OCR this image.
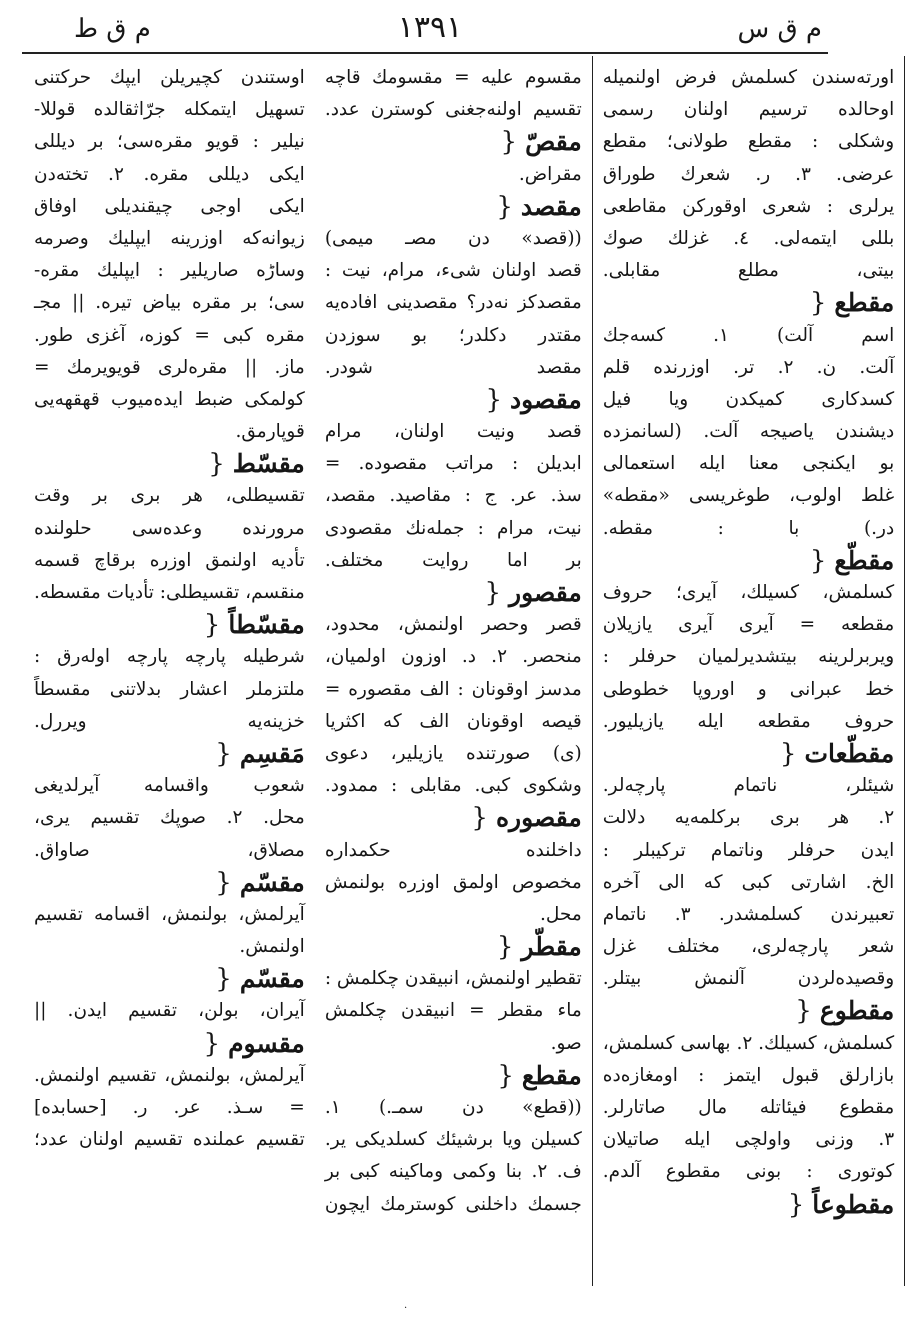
م ق س
١٣٩١
م ق ط
اوستندن كچيريلن ايپك حركتنی
تسهيل ايتمكله جرّاثقالده قوللا-
نيلير : قويو مقره‌سی؛ بر ديللی
ايكی ديللی مقره. ٢. تخته‌دن
ايكی اوجی چيقنديلی اوفاق
زيوانه‌كه اوزرينه ايپليك وصرمه
وساڑه صاريلير : ايپليك مقره-
سی؛ بر مقره بياض تيره. || مجـ
مقره كبی = كوزه، آغزی طور.
ماز. || مقره‌لری قويويرمك =
كولمكی ضبط ايده‌ميوب قهقهه‌يی
قوپارمق.
مقسّط{
تقسيطلی، هر بری بر وقت
مرورنده وعده‌سی حلولنده
تأديه اولنمق اوزره برقاچ قسمه
منقسم، تقسيطلی: تأديات مقسطه.
مقسّطاً{
شرطيله پارچه پارچه اولەرق :
ملتزملر اعشار بدلاتنی مقسطاً
خزينه‌يه ويررل.
مَقسِم{
شعوب واقسامه آيرلديغی
محل. ٢. صوپك تقسيم يری،
مصلاق، صاواق.
مقسّم{
آيرلمش، بولنمش، اقسامه تقسيم
اولنمش.
مقسّم{
آيران، بولن، تقسيم ايدن. ||
مقسوم{
آيرلمش، بولنمش، تقسيم اولنمش.
= سـذ. عر. ر. [حسابده]
تقسيم عملنده تقسيم اولنان عدد؛
مقسوم عليه = مقسومك قاچه
تقسيم اولنه‌جغنی كوسترن عدد.
مقصّ{
مقراض.
مقصد{
((قصد» دن مصـ ميمی)
قصد اولنان شیء، مرام، نيت :
مقصدكز نه‌در؟ مقصدينی افاده‌يه
مقتدر دكلدر؛ بو سوزدن
مقصد شودر.
مقصود{
قصد ونيت اولنان، مرام
ابدیلن : مراتب مقصوده. =
سذ. عر. ج : مقاصيد. مقصد،
نيت، مرام : جمله‌نك مقصودی
بر اما روايت مختلف.
مقصور{
قصر وحصر اولنمش، محدود،
منحصر. ٢. د. اوزون اولميان،
مدسز اوقونان : الف مقصوره =
قيصه اوقونان الف كه اكثريا
(ی) صورتنده يازيلير، دعوی
وشكوی كبی. مقابلی : ممدود.
مقصوره{
داخلنده حكمداره
مخصوص اولمق اوزره بولنمش
محل.
مقطّر{
تقطير اولنمش، انبيقدن چكلمش :
ماء مقطر = انبيقدن چكلمش
صو.
مقطع{
((قطع» دن سمـ.) ١.
كسيلن ويا برشيئك كسلديكی ير.
ف. ٢. بنا وكمی وماكينه كبی بر
جسمك داخلنی كوسترمك ايچون
اورته‌سندن كسلمش فرض اولنميله
اوحالده ترسيم اولنان رسمی
وشكلی : مقطع طولانی؛ مقطع
عرضی. ٣. ر. شعرك طوراق
يرلری : شعری اوقوركن مقاطعی
بللی ايتمه‌لی. ٤. غزلك صوك
بيتی، مطلع مقابلی.
مقطع{
اسم آلت) ١. كسه‌جك
آلت. ن. ٢. تر. اوزرنده قلم
كسدكاری كميكدن ويا فيل
ديشندن ياصيجه آلت. (لسانمزده
بو ايكنجی معنا ايله استعمالی
غلط اولوب، طوغريسی «مقطه»
در.) با : مقطه.
مقطّع{
كسلمش، كسيلك، آيری؛ حروف
مقطعه = آيری آيری يازيلان
ويربرلرينه بيتشديرلميان حرفلر :
خط عبرانی و اوروپا خطوطی
حروف مقطعه ايله يازيليور.
مقطّعات{
شيئلر، ناتمام پارچه‌لر.
٢. هر بری بركلمه‌يه دلالت
ايدن حرفلر وناتمام تركيبلر :
الخ. اشارتی كبی كه الی آخره
تعبيرندن كسلمشدر. ٣. ناتمام
شعر پارچه‌لری، مختلف غزل
وقصيده‌لردن آلنمش بيتلر.
مقطوع{
كسلمش، كسيلك. ٢. بهاسی كسلمش،
بازارلق قبول ايتمز : اومغازه‌ده
مقطوع فيئاتله مال صاتارلر.
٣. وزنی واولچی ايله صاتيلان
كوتوری : بونی مقطوع آلدم.
مقطوعاً{
.
